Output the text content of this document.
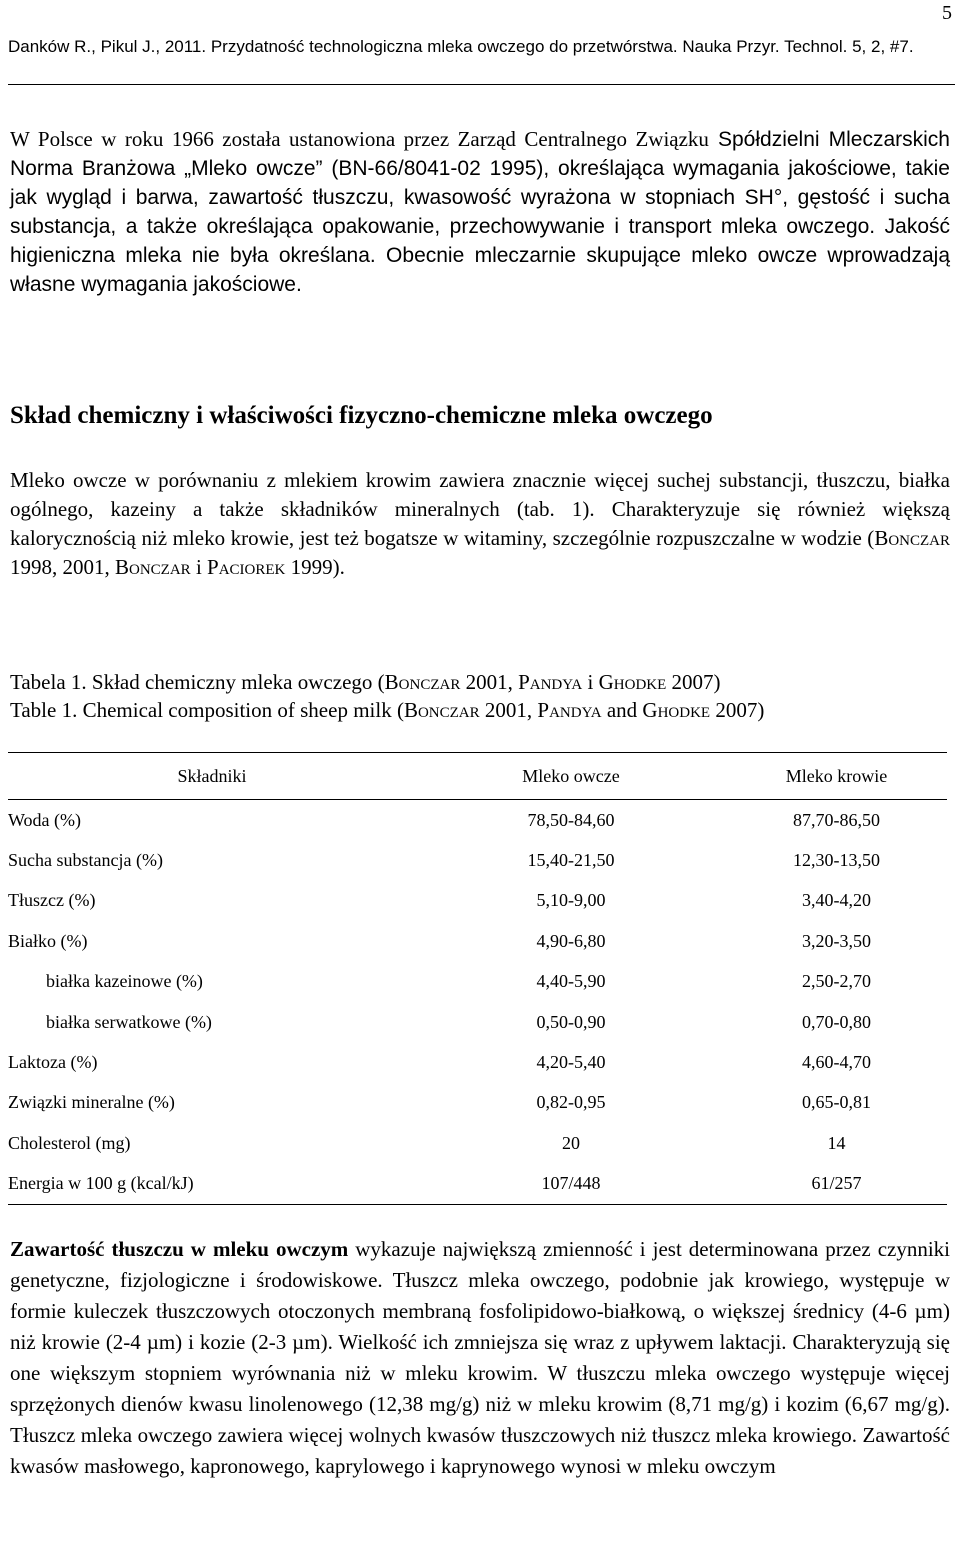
5
Danków R., Pikul J., 2011. Przydatność technologiczna mleka owczego do przetwórstwa. Nauka Przyr. Technol. 5, 2, #7.

W Polsce w roku 1966 została ustanowiona przez Zarząd Centralnego Związku Spółdzielni Mleczarskich Norma Branżowa „Mleko owcze” (BN-66/8041-02 1995), określająca wymagania jakościowe, takie jak wygląd i barwa, zawartość tłuszczu, kwasowość wyrażona w stopniach SH°, gęstość i sucha substancja, a także określająca opakowanie, przechowywanie i transport mleka owczego. Jakość higieniczna mleka nie była określana. Obecnie mleczarnie skupujące mleko owcze wprowadzają własne wymagania jakościowe.

Skład chemiczny i właściwości fizyczno-chemiczne mleka owczego

Mleko owcze w porównaniu z mlekiem krowim zawiera znacznie więcej suchej substancji, tłuszczu, białka ogólnego, kazeiny a także składników mineralnych (tab. 1). Charakteryzuje się również większą kalorycznością niż mleko krowie, jest też bogatsze w witaminy, szczególnie rozpuszczalne w wodzie (Bonczar 1998, 2001, Bonczar i Paciorek 1999).

Tabela 1. Skład chemiczny mleka owczego (Bonczar 2001, Pandya i Ghodke 2007)
Table 1. Chemical composition of sheep milk (Bonczar 2001, Pandya and Ghodke 2007)
Składniki	Mleko owcze	Mleko krowie
Woda (%)	78,50-84,60	87,70-86,50
Sucha substancja (%)	15,40-21,50	12,30-13,50
Tłuszcz (%)	5,10-9,00	3,40-4,20
Białko (%)	4,90-6,80	3,20-3,50
białka kazeinowe (%)	4,40-5,90	2,50-2,70
białka serwatkowe (%)	0,50-0,90	0,70-0,80
Laktoza (%)	4,20-5,40	4,60-4,70
Związki mineralne (%)	0,82-0,95	0,65-0,81
Cholesterol (mg)	20	14
Energia w 100 g (kcal/kJ)	107/448	61/257

Zawartość tłuszczu w mleku owczym wykazuje największą zmienność i jest determinowana przez czynniki genetyczne, fizjologiczne i środowiskowe. Tłuszcz mleka owczego, podobnie jak krowiego, występuje w formie kuleczek tłuszczowych otoczonych membraną fosfolipidowo-białkową, o większej średnicy (4-6 µm) niż krowie (2-4 µm) i kozie (2-3 µm). Wielkość ich zmniejsza się wraz z upływem laktacji. Charakteryzują się one większym stopniem wyrównania niż w mleku krowim. W tłuszczu mleka owczego występuje więcej sprzężonych dienów kwasu linolenowego (12,38 mg/g) niż w mleku krowim (8,71 mg/g) i kozim (6,67 mg/g). Tłuszcz mleka owczego zawiera więcej wolnych kwasów tłuszczowych niż tłuszcz mleka krowiego. Zawartość kwasów masłowego, kapronowego, kaprylowego i kaprynowego wynosi w mleku owczym
